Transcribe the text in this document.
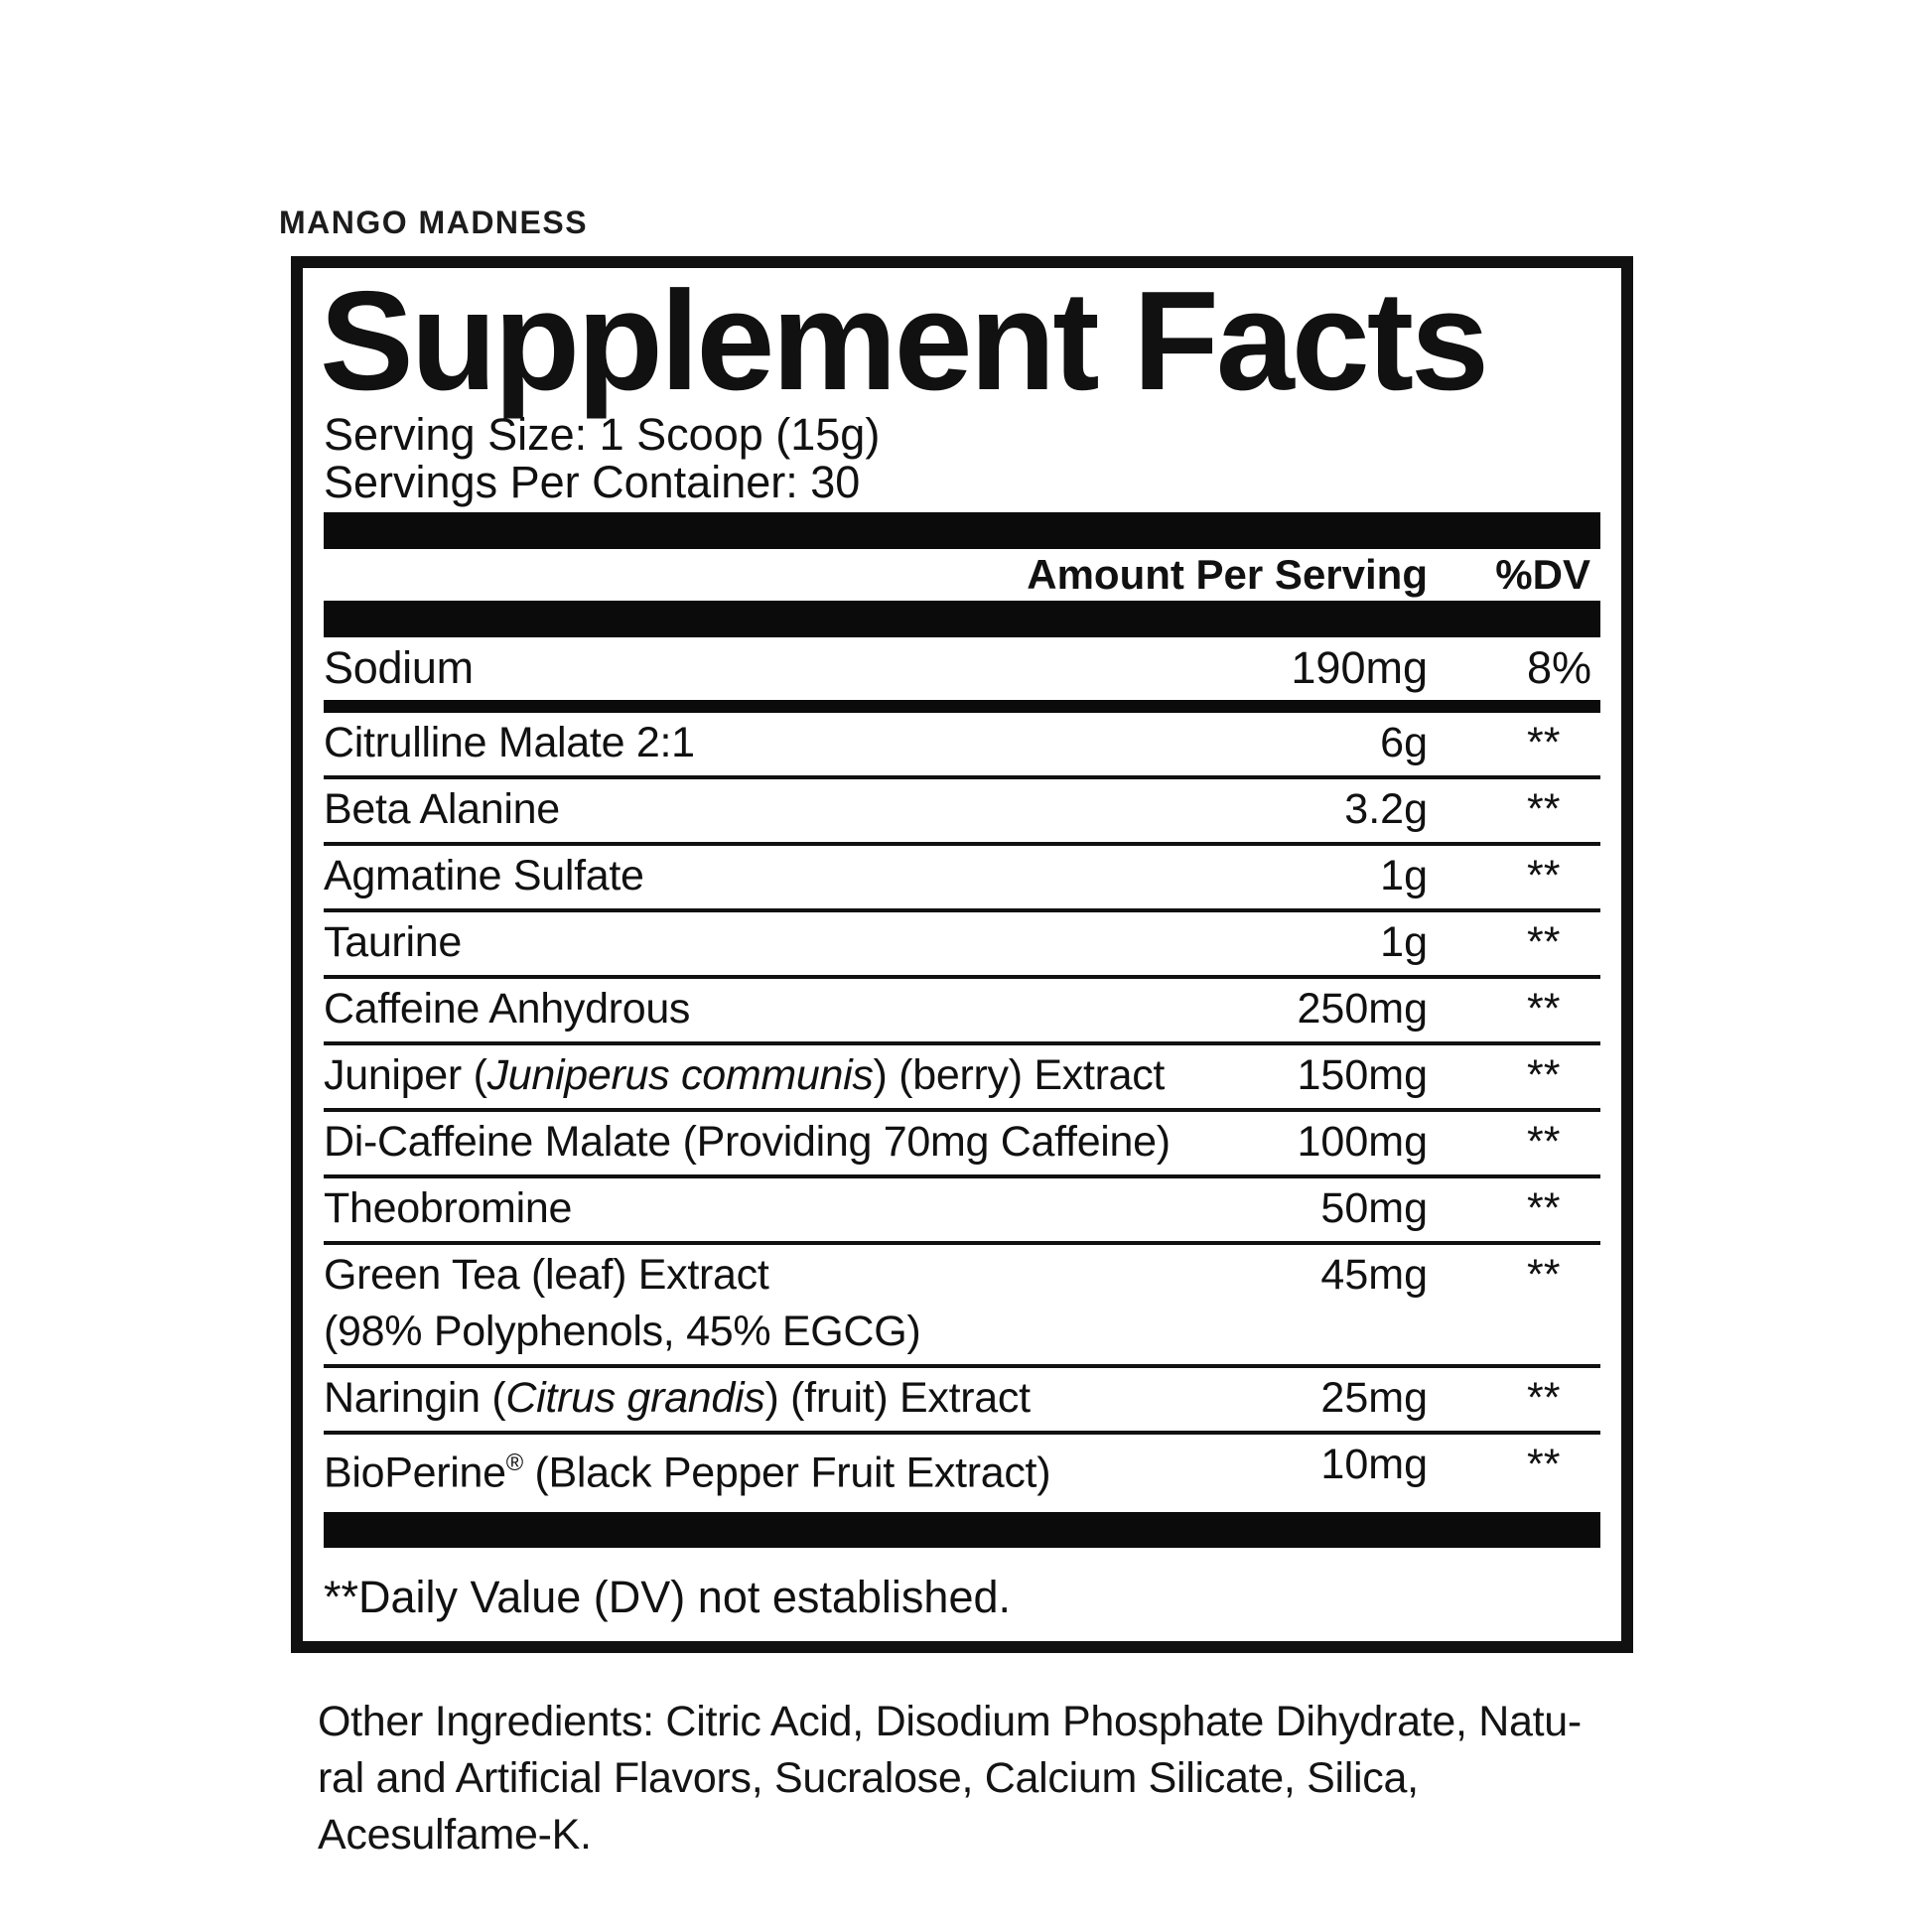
MANGO MADNESS
Supplement Facts
Serving Size: 1 Scoop (15g)
Servings Per Container: 30
Amount Per Serving	%DV
Sodium	190mg	8%
Citrulline Malate 2:1	6g	**
Beta Alanine	3.2g	**
Agmatine Sulfate	1g	**
Taurine	1g	**
Caffeine Anhydrous	250mg	**
Juniper (Juniperus communis) (berry) Extract	150mg	**
Di-Caffeine Malate (Providing 70mg Caffeine)	100mg	**
Theobromine	50mg	**
Green Tea (leaf) Extract
(98% Polyphenols, 45% EGCG)
45mg	**
Naringin (Citrus grandis) (fruit) Extract	25mg	**
BioPerine® (Black Pepper Fruit Extract)	10mg	**
**Daily Value (DV) not established.
Other Ingredients: Citric Acid, Disodium Phosphate Dihydrate, Natu-
ral and Artificial Flavors, Sucralose, Calcium Silicate, Silica,
Acesulfame-K.
